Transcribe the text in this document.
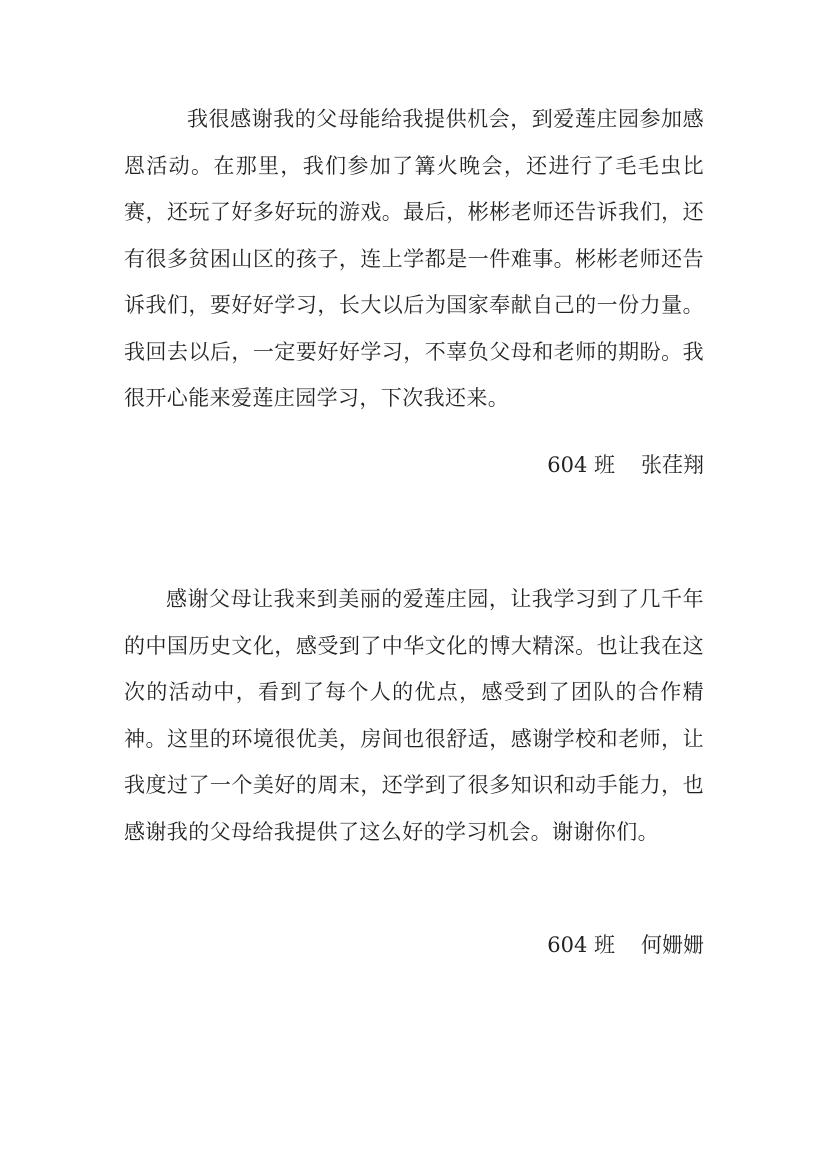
我很感谢我的父母能给我提供机会，到爱莲庄园参加感恩活动。在那里，我们参加了篝火晚会，还进行了毛毛虫比赛，还玩了好多好玩的游戏。最后，彬彬老师还告诉我们，还有很多贫困山区的孩子，连上学都是一件难事。彬彬老师还告诉我们，要好好学习，长大以后为国家奉献自己的一份力量。我回去以后，一定要好好学习，不辜负父母和老师的期盼。我很开心能来爱莲庄园学习，下次我还来。

604 班 张荏翔

感谢父母让我来到美丽的爱莲庄园，让我学习到了几千年的中国历史文化，感受到了中华文化的博大精深。也让我在这次的活动中，看到了每个人的优点，感受到了团队的合作精神。这里的环境很优美，房间也很舒适，感谢学校和老师，让我度过了一个美好的周末，还学到了很多知识和动手能力，也感谢我的父母给我提供了这么好的学习机会。谢谢你们。

604 班 何姗姗
